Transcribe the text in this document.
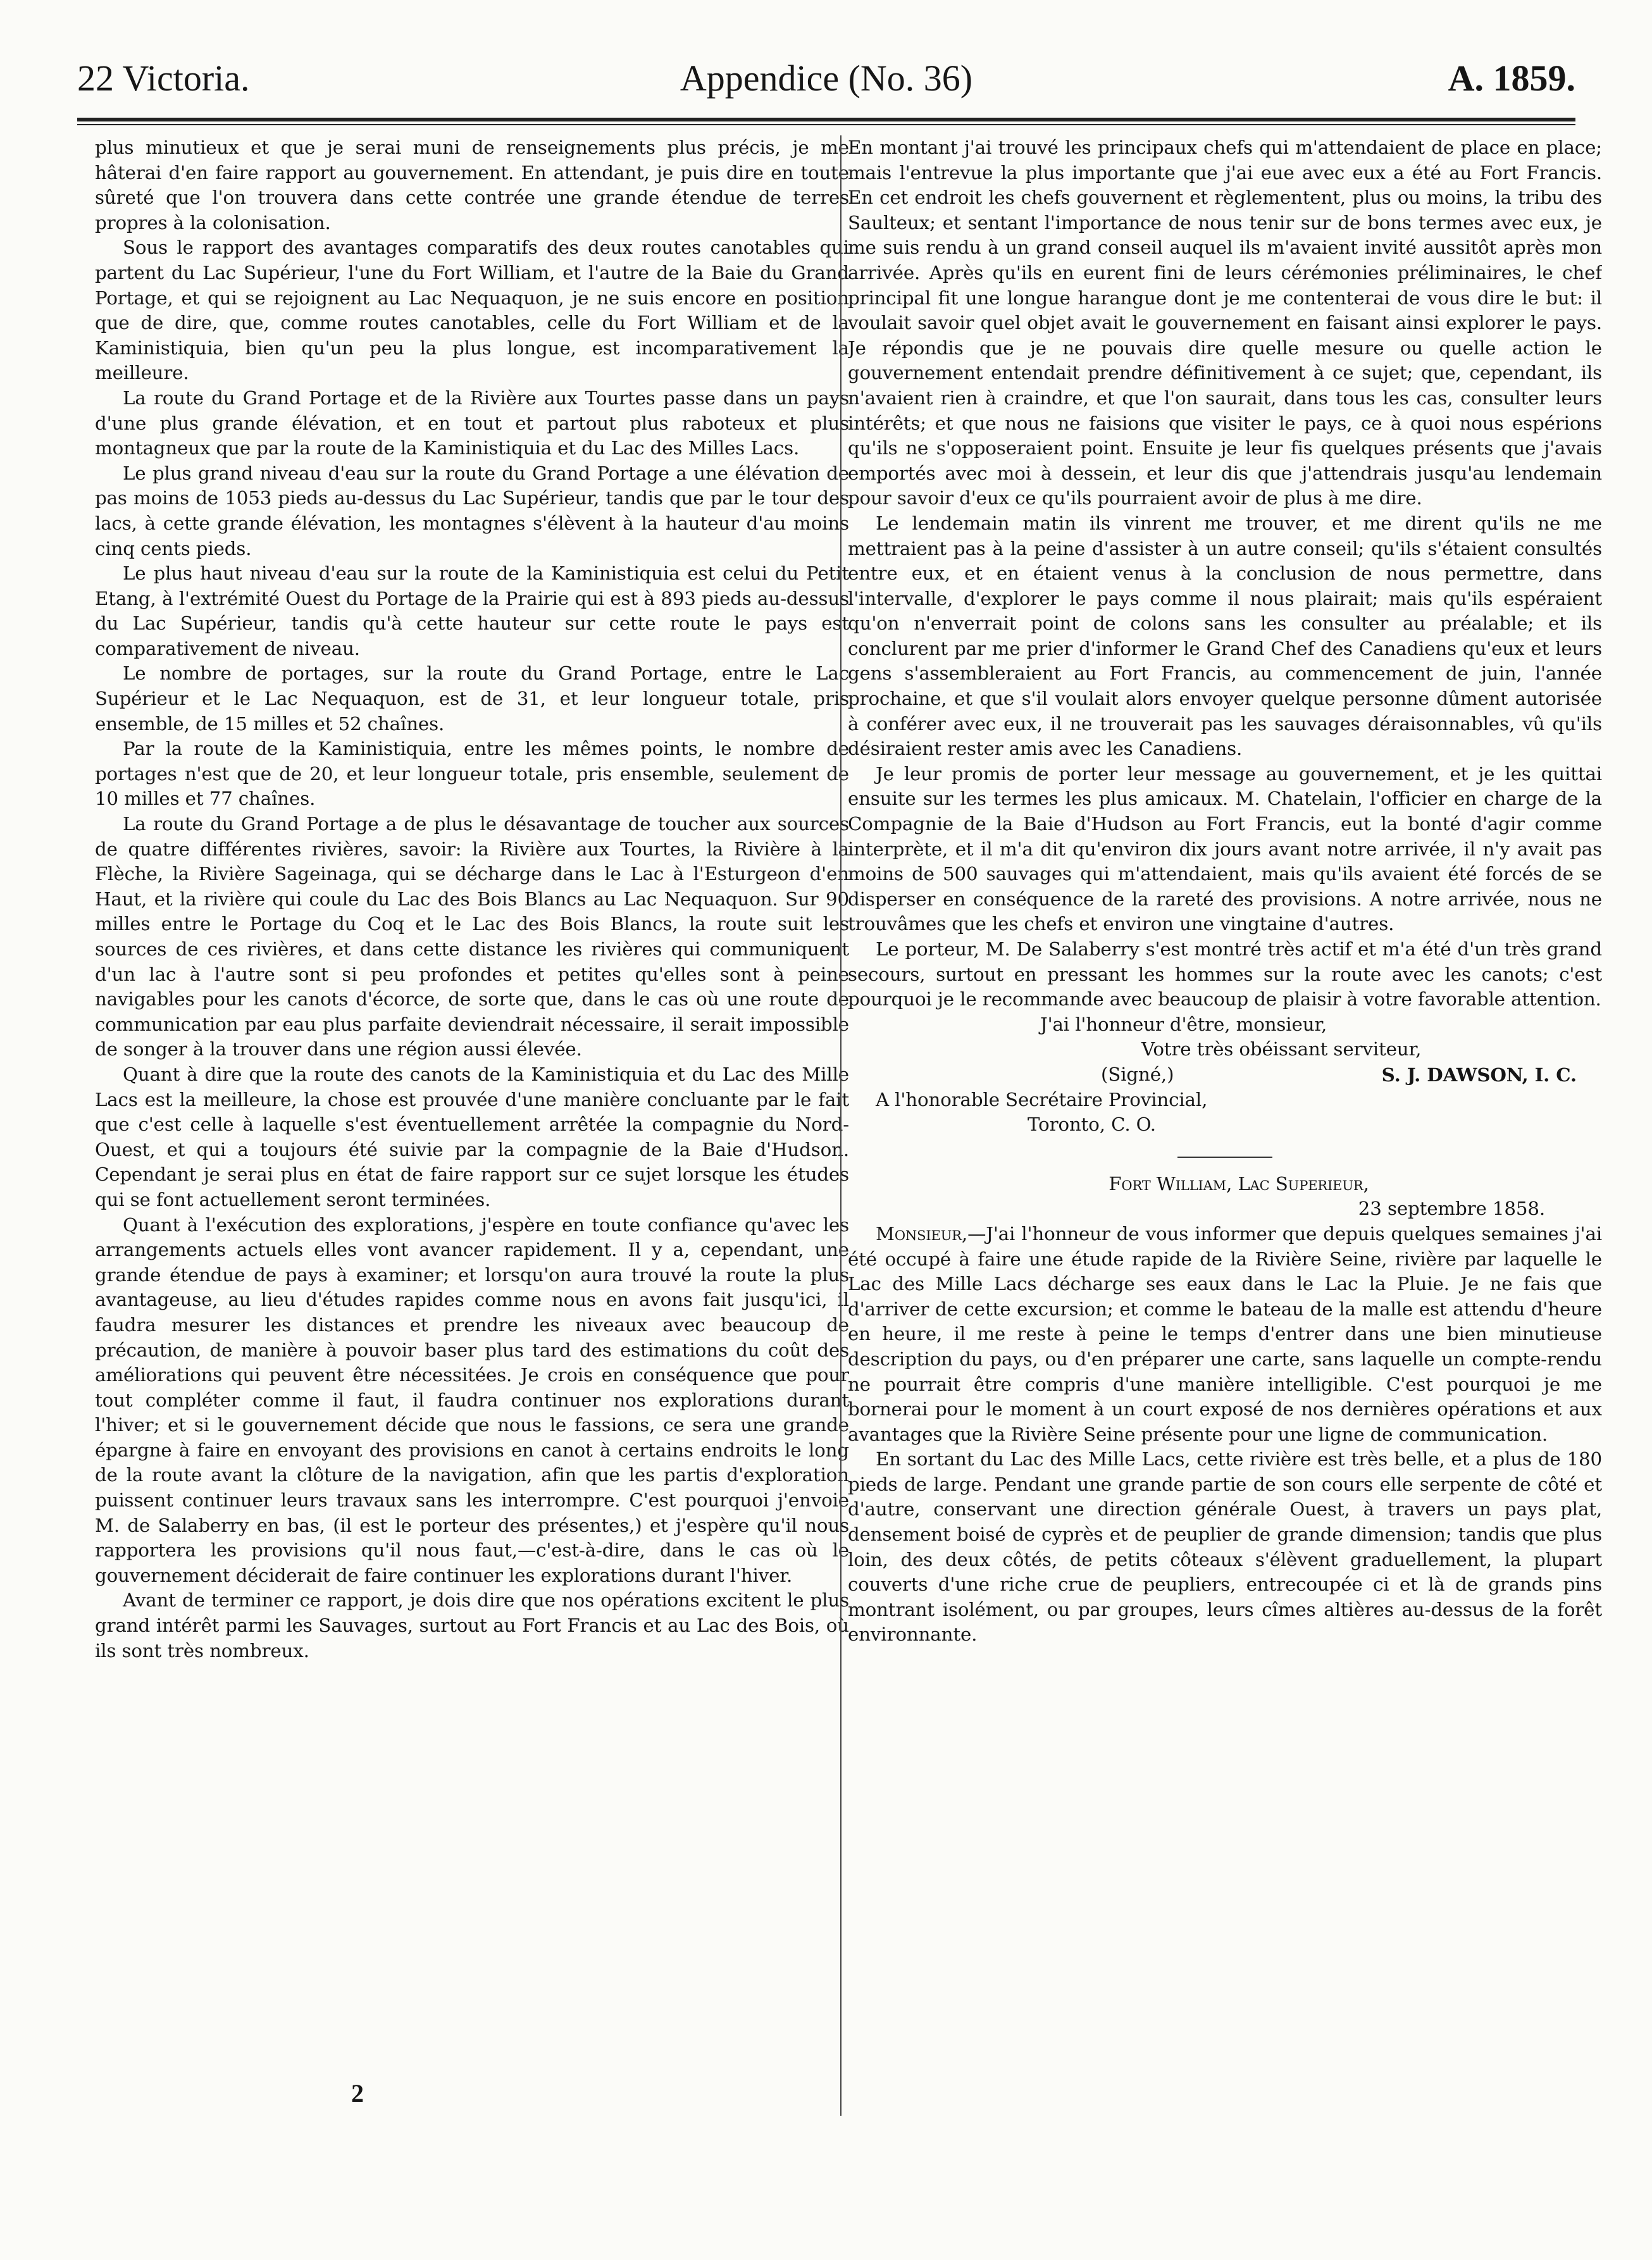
22 Victoria.	Appendice (No. 36)	A. 1859.

plus minutieux et que je serai muni de renseignements plus précis, je me hâterai d'en faire rapport au gouvernement. En attendant, je puis dire en toute sûreté que l'on trouvera dans cette contrée une grande étendue de terres propres à la colonisation.

Sous le rapport des avantages comparatifs des deux routes canotables qui partent du Lac Supérieur, l'une du Fort William, et l'autre de la Baie du Grand Portage, et qui se rejoignent au Lac Nequaquon, je ne suis encore en position que de dire, que, comme routes canotables, celle du Fort William et de la Kaministiquia, bien qu'un peu la plus longue, est incomparativement la meilleure.

La route du Grand Portage et de la Rivière aux Tourtes passe dans un pays d'une plus grande élévation, et en tout et partout plus raboteux et plus montagneux que par la route de la Kaministiquia et du Lac des Milles Lacs.

Le plus grand niveau d'eau sur la route du Grand Portage a une élévation de pas moins de 1053 pieds au-dessus du Lac Supérieur, tandis que par le tour des lacs, à cette grande élévation, les montagnes s'élèvent à la hauteur d'au moins cinq cents pieds.

Le plus haut niveau d'eau sur la route de la Kaministiquia est celui du Petit Etang, à l'extrémité Ouest du Portage de la Prairie qui est à 893 pieds au-dessus du Lac Supérieur, tandis qu'à cette hauteur sur cette route le pays est comparativement de niveau.

Le nombre de portages, sur la route du Grand Portage, entre le Lac Supérieur et le Lac Nequaquon, est de 31, et leur longueur totale, pris ensemble, de 15 milles et 52 chaînes.

Par la route de la Kaministiquia, entre les mêmes points, le nombre de portages n'est que de 20, et leur longueur totale, pris ensemble, seulement de 10 milles et 77 chaînes.

La route du Grand Portage a de plus le désavantage de toucher aux sources de quatre différentes rivières, savoir: la Rivière aux Tourtes, la Rivière à la Flèche, la Rivière Sageinaga, qui se décharge dans le Lac à l'Esturgeon d'en Haut, et la rivière qui coule du Lac des Bois Blancs au Lac Nequaquon. Sur 90 milles entre le Portage du Coq et le Lac des Bois Blancs, la route suit les sources de ces rivières, et dans cette distance les rivières qui communiquent d'un lac à l'autre sont si peu profondes et petites qu'elles sont à peine navigables pour les canots d'écorce, de sorte que, dans le cas où une route de communication par eau plus parfaite deviendrait nécessaire, il serait impossible de songer à la trouver dans une région aussi élevée.

Quant à dire que la route des canots de la Kaministiquia et du Lac des Mille Lacs est la meilleure, la chose est prouvée d'une manière concluante par le fait que c'est celle à laquelle s'est éventuellement arrêtée la compagnie du Nord-Ouest, et qui a toujours été suivie par la compagnie de la Baie d'Hudson. Cependant je serai plus en état de faire rapport sur ce sujet lorsque les études qui se font actuellement seront terminées.

Quant à l'exécution des explorations, j'espère en toute confiance qu'avec les arrangements actuels elles vont avancer rapidement. Il y a, cependant, une grande étendue de pays à examiner; et lorsqu'on aura trouvé la route la plus avantageuse, au lieu d'études rapides comme nous en avons fait jusqu'ici, il faudra mesurer les distances et prendre les niveaux avec beaucoup de précaution, de manière à pouvoir baser plus tard des estimations du coût des améliorations qui peuvent être nécessitées. Je crois en conséquence que pour tout compléter comme il faut, il faudra continuer nos explorations durant l'hiver; et si le gouvernement décide que nous le fassions, ce sera une grande épargne à faire en envoyant des provisions en canot à certains endroits le long de la route avant la clôture de la navigation, afin que les partis d'exploration puissent continuer leurs travaux sans les interrompre. C'est pourquoi j'envoie M. de Salaberry en bas, (il est le porteur des présentes,) et j'espère qu'il nous rapportera les provisions qu'il nous faut,—c'est-à-dire, dans le cas où le gouvernement déciderait de faire continuer les explorations durant l'hiver.

Avant de terminer ce rapport, je dois dire que nos opérations excitent le plus grand intérêt parmi les Sauvages, surtout au Fort Francis et au Lac des Bois, où ils sont très nombreux.

En montant j'ai trouvé les principaux chefs qui m'attendaient de place en place; mais l'entrevue la plus importante que j'ai eue avec eux a été au Fort Francis. En cet endroit les chefs gouvernent et règlementent, plus ou moins, la tribu des Saulteux; et sentant l'importance de nous tenir sur de bons termes avec eux, je me suis rendu à un grand conseil auquel ils m'avaient invité aussitôt après mon arrivée. Après qu'ils en eurent fini de leurs cérémonies préliminaires, le chef principal fit une longue harangue dont je me contenterai de vous dire le but: il voulait savoir quel objet avait le gouvernement en faisant ainsi explorer le pays. Je répondis que je ne pouvais dire quelle mesure ou quelle action le gouvernement entendait prendre définitivement à ce sujet; que, cependant, ils n'avaient rien à craindre, et que l'on saurait, dans tous les cas, consulter leurs intérêts; et que nous ne faisions que visiter le pays, ce à quoi nous espérions qu'ils ne s'opposeraient point. Ensuite je leur fis quelques présents que j'avais emportés avec moi à dessein, et leur dis que j'attendrais jusqu'au lendemain pour savoir d'eux ce qu'ils pourraient avoir de plus à me dire.

Le lendemain matin ils vinrent me trouver, et me dirent qu'ils ne me mettraient pas à la peine d'assister à un autre conseil; qu'ils s'étaient consultés entre eux, et en étaient venus à la conclusion de nous permettre, dans l'intervalle, d'explorer le pays comme il nous plairait; mais qu'ils espéraient qu'on n'enverrait point de colons sans les consulter au préalable; et ils conclurent par me prier d'informer le Grand Chef des Canadiens qu'eux et leurs gens s'assembleraient au Fort Francis, au commencement de juin, l'année prochaine, et que s'il voulait alors envoyer quelque personne dûment autorisée à conférer avec eux, il ne trouverait pas les sauvages déraisonnables, vû qu'ils désiraient rester amis avec les Canadiens.

Je leur promis de porter leur message au gouvernement, et je les quittai ensuite sur les termes les plus amicaux. M. Chatelain, l'officier en charge de la Compagnie de la Baie d'Hudson au Fort Francis, eut la bonté d'agir comme interprète, et il m'a dit qu'environ dix jours avant notre arrivée, il n'y avait pas moins de 500 sauvages qui m'attendaient, mais qu'ils avaient été forcés de se disperser en conséquence de la rareté des provisions. A notre arrivée, nous ne trouvâmes que les chefs et environ une vingtaine d'autres.

Le porteur, M. De Salaberry s'est montré très actif et m'a été d'un très grand secours, surtout en pressant les hommes sur la route avec les canots; c'est pourquoi je le recommande avec beaucoup de plaisir à votre favorable attention.

J'ai l'honneur d'être, monsieur,

Votre très obéissant serviteur,

(Signé,)	S. J. DAWSON, I. C.

A l'honorable Secrétaire Provincial,

Toronto, C. O.

Fort William, Lac Superieur,

23 septembre 1858.

Monsieur,—J'ai l'honneur de vous informer que depuis quelques semaines j'ai été occupé à faire une étude rapide de la Rivière Seine, rivière par laquelle le Lac des Mille Lacs décharge ses eaux dans le Lac la Pluie. Je ne fais que d'arriver de cette excursion; et comme le bateau de la malle est attendu d'heure en heure, il me reste à peine le temps d'entrer dans une bien minutieuse description du pays, ou d'en préparer une carte, sans laquelle un compte-rendu ne pourrait être compris d'une manière intelligible. C'est pourquoi je me bornerai pour le moment à un court exposé de nos dernières opérations et aux avantages que la Rivière Seine présente pour une ligne de communication.

En sortant du Lac des Mille Lacs, cette rivière est très belle, et a plus de 180 pieds de large. Pendant une grande partie de son cours elle serpente de côté et d'autre, conservant une direction générale Ouest, à travers un pays plat, densement boisé de cyprès et de peuplier de grande dimension; tandis que plus loin, des deux côtés, de petits côteaux s'élèvent graduellement, la plupart couverts d'une riche crue de peupliers, entrecoupée ci et là de grands pins montrant isolément, ou par groupes, leurs cîmes altières au-dessus de la forêt environnante.

2
